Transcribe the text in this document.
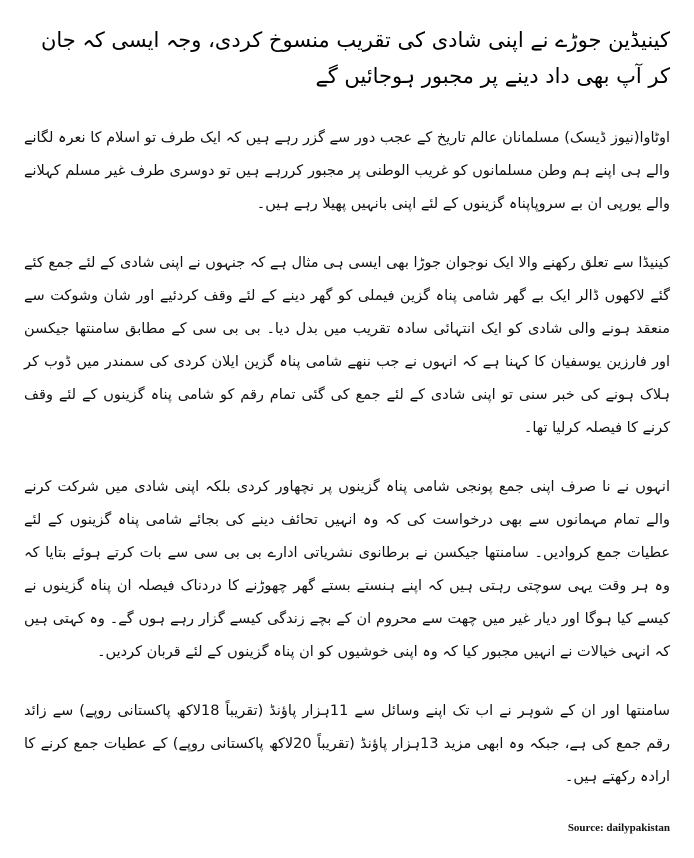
کینیڈین جوڑے نے اپنی شادی کی تقریب منسوخ کردی، وجہ ایسی کہ جان کر آپ بھی داد دینے پر مجبور ہوجائیں گے

اوٹاوا(نیوز ڈیسک) مسلمانان عالم تاریخ کے عجب دور سے گزر رہے ہیں کہ ایک طرف تو اسلام کا نعرہ لگانے والے ہی اپنے ہم وطن مسلمانوں کو غریب الوطنی پر مجبور کررہے ہیں تو دوسری طرف غیر مسلم کہلانے والے یورپی ان بے سروپاپناہ گزینوں کے لئے اپنی بانہیں پھیلا رہے ہیں۔

کینیڈا سے تعلق رکھنے والا ایک نوجوان جوڑا بھی ایسی ہی مثال ہے کہ جنہوں نے اپنی شادی کے لئے جمع کئے گئے لاکھوں ڈالر ایک بے گھر شامی پناہ گزین فیملی کو گھر دینے کے لئے وقف کردئیے اور شان وشوکت سے منعقد ہونے والی شادی کو ایک انتہائی سادہ تقریب میں بدل دیا۔ بی بی سی کے مطابق سامنتھا جیکسن اور فارزین یوسفیان کا کہنا ہے کہ انہوں نے جب ننھے شامی پناہ گزین ایلان کردی کی سمندر میں ڈوب کر ہلاک ہونے کی خبر سنی تو اپنی شادی کے لئے جمع کی گئی تمام رقم کو شامی پناہ گزینوں کے لئے وقف کرنے کا فیصلہ کرلیا تھا۔

انہوں نے نا صرف اپنی جمع پونجی شامی پناہ گزینوں پر نچھاور کردی بلکہ اپنی شادی میں شرکت کرنے والے تمام مہمانوں سے بھی درخواست کی کہ وہ انہیں تحائف دینے کی بجائے شامی پناہ گزینوں کے لئے عطیات جمع کروادیں۔ سامنتھا جیکسن نے برطانوی نشریاتی ادارے بی بی سی سے بات کرتے ہوئے بتایا کہ وہ ہر وقت یہی سوچتی رہتی ہیں کہ اپنے ہنستے بستے گھر چھوڑنے کا دردناک فیصلہ ان پناہ گزینوں نے کیسے کیا ہوگا اور دیار غیر میں چھت سے محروم ان کے بچے زندگی کیسے گزار رہے ہوں گے۔ وہ کہتی ہیں کہ انہی خیالات نے انہیں مجبور کیا کہ وہ اپنی خوشیوں کو ان پناہ گزینوں کے لئے قربان کردیں۔

سامنتھا اور ان کے شوہر نے اب تک اپنے وسائل سے 11ہزار پاﺅنڈ (تقریباً 18لاکھ پاکستانی روپے) سے زائد رقم جمع کی ہے، جبکہ وہ ابھی مزید 13ہزار پاﺅنڈ (تقریباً 20لاکھ پاکستانی روپے) کے عطیات جمع کرنے کا ارادہ رکھتے ہیں۔

Source: dailypakistan
